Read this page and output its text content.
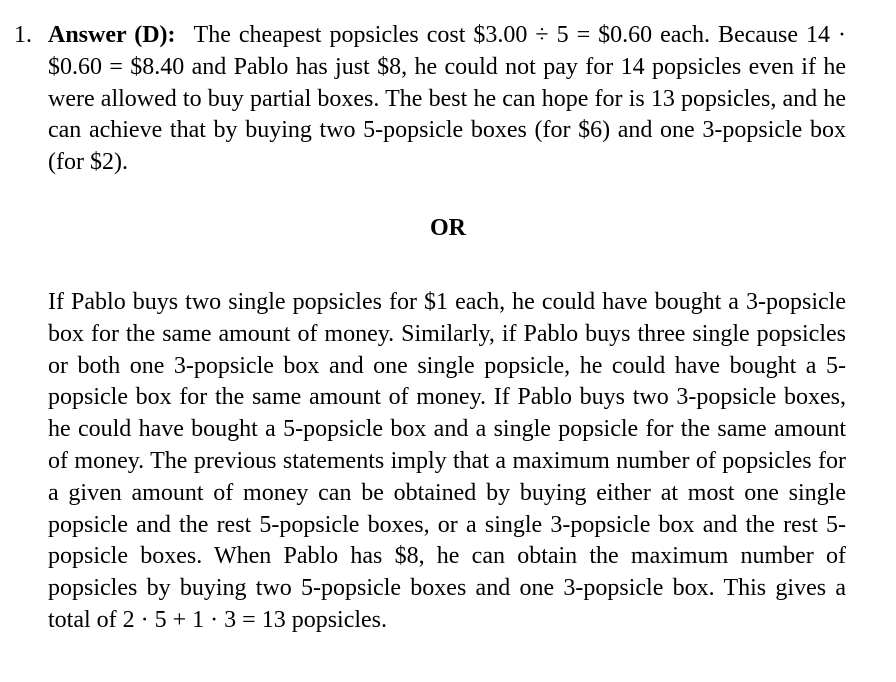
1. Answer (D): The cheapest popsicles cost $3.00 ÷ 5 = $0.60 each. Because 14 · $0.60 = $8.40 and Pablo has just $8, he could not pay for 14 popsicles even if he were allowed to buy partial boxes. The best he can hope for is 13 popsicles, and he can achieve that by buying two 5-popsicle boxes (for $6) and one 3-popsicle box (for $2).
OR
If Pablo buys two single popsicles for $1 each, he could have bought a 3-popsicle box for the same amount of money. Similarly, if Pablo buys three single popsicles or both one 3-popsicle box and one single popsicle, he could have bought a 5-popsicle box for the same amount of money. If Pablo buys two 3-popsicle boxes, he could have bought a 5-popsicle box and a single popsicle for the same amount of money. The previous statements imply that a maximum number of popsicles for a given amount of money can be obtained by buying either at most one single popsicle and the rest 5-popsicle boxes, or a single 3-popsicle box and the rest 5-popsicle boxes. When Pablo has $8, he can obtain the maximum number of popsicles by buying two 5-popsicle boxes and one 3-popsicle box. This gives a total of 2 · 5 + 1 · 3 = 13 popsicles.
